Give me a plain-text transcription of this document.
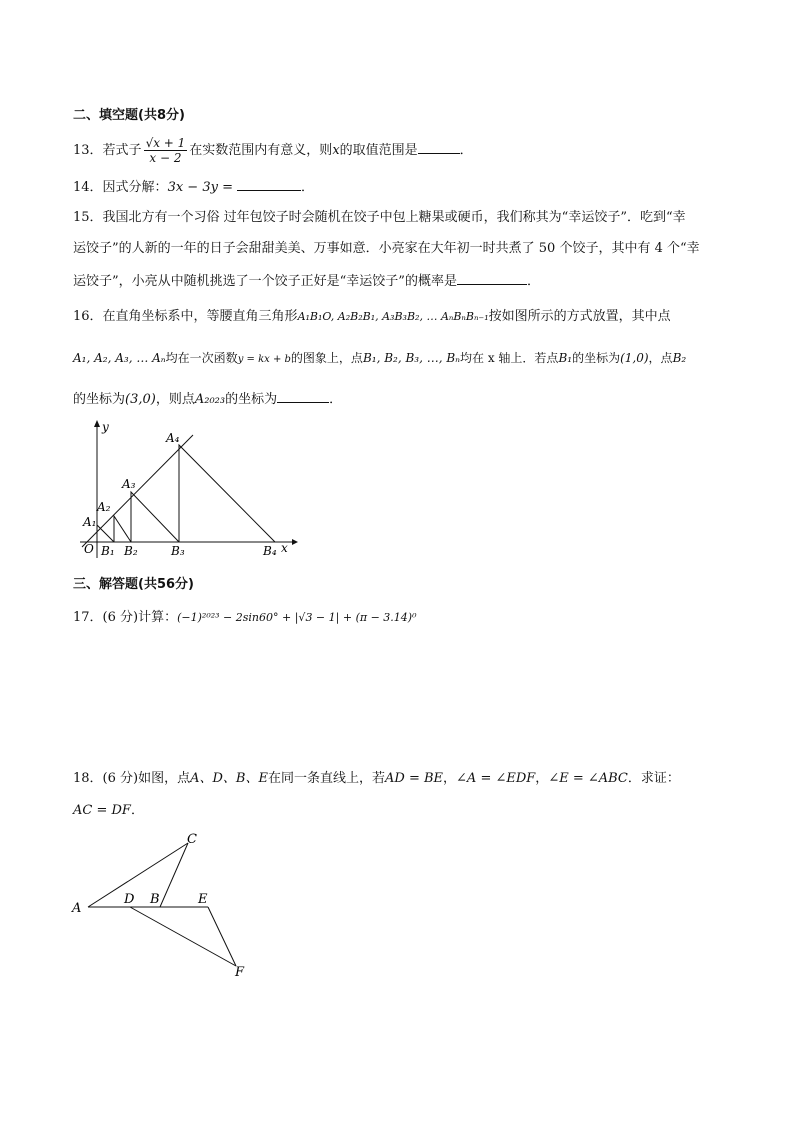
二、填空题(共8分)
13．若式子 $\frac{√x + 1}{x - 2}$ 在实数范围内有意义，则x的取值范围是	．
14．因式分解：3x − 3y =	．
15．我国北方有一个习俗 过年包饺子时会随机在饺子中包上糖果或硬币，我们称其为“幸运饺子”．吃到“幸
运饺子”的人新的一年的日子会甜甜美美、万事如意．小亮家在大年初一时共煮了 50 个饺子，其中有 4 个“幸
运饺子”，小亮从中随机挑选了一个饺子正好是“幸运饺子”的概率是	．
16．在直角坐标系中，等腰直角三角形A₁B₁O, A₂B₂B₁, A₃B₃B₂, … AₙBₙBₙ₋₁按如图所示的方式放置，其中点
A₁, A₂, A₃, … Aₙ均在一次函数y = kx + b的图象上，点B₁, B₂, B₃, …, Bₙ均在 x 轴上．若点B₁的坐标为(1,0)，点B₂
的坐标为(3,0)，则点A₂₀₂₃的坐标为	．
A₁
A₂
A₃
A₄
B₁ B₂	B₃	B₄
O	x
y
三、解答题(共56分)
17．(6 分)计算：(−1)²⁰²³ − 2sin60° + |√3 − 1| + (π − 3.14)⁰
18．(6 分)如图，点A、D、B、E在同一条直线上，若AD = BE，∠A = ∠EDF，∠E = ∠ABC．求证：
AC = DF．
A
D B	E
C
F
